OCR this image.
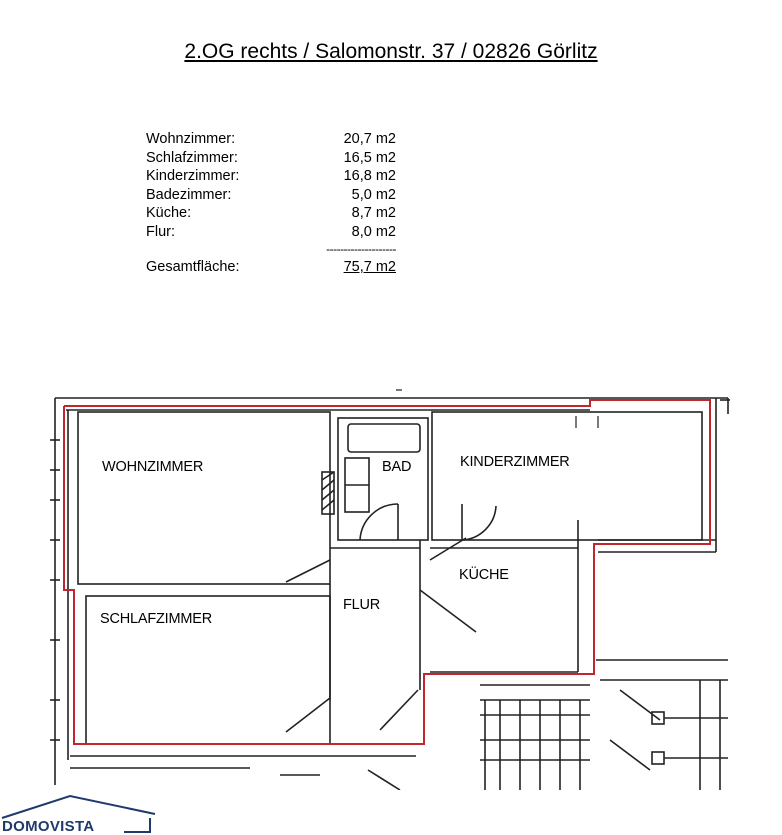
2.OG rechts / Salomonstr. 37 / 02826 Görlitz
Wohnzimmer:	20,7 m2
Schlafzimmer:	16,5 m2
Kinderzimmer:	16,8 m2
Badezimmer:	5,0 m2
Küche:	8,7 m2
Flur:	8,0 m2
--------------------
Gesamtfläche:	75,7 m2
WOHNZIMMER
SCHLAFZIMMER
BAD	KINDERZIMMER
KÜCHE
FLUR
DOMOVISTA
